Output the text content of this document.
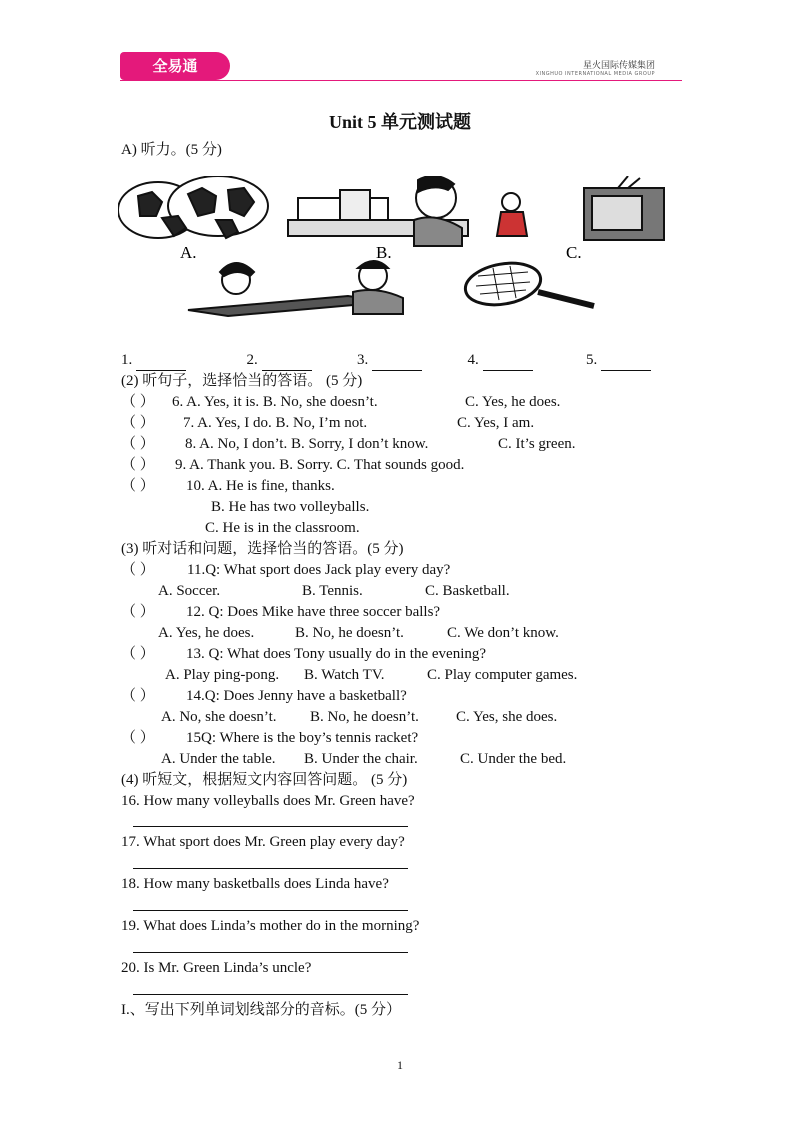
全易通	星火国际传媒集团
XINGHUO INTERNATIONAL MEDIA GROUP
Unit 5 单元测试题
A) 听力。(5 分)
A.	B.	C.
1.	2.	3.	4.	5.
(2) 听句子，选择恰当的答语。 (5 分)
（ ） 6. A. Yes, it is. B. No, she doesn’t.	C. Yes, he does.
（ ） 7. A. Yes, I do. B. No, I’m not.	C. Yes, I am.
（ ） 8. A. No, I don’t. B. Sorry, I don’t know.	C. It’s green.
（ ） 9. A. Thank you. B. Sorry. C. That sounds good.
（ ） 10. A. He is fine, thanks.
B. He has two volleyballs.
C. He is in the classroom.
(3) 听对话和问题，选择恰当的答语。(5 分)
（ ） 11.Q: What sport does Jack play every day?
A. Soccer.	B. Tennis.	C. Basketball.
（ ） 12. Q: Does Mike have three soccer balls?
A. Yes, he does.	B. No, he doesn’t.	C. We don’t know.
（ ） 13. Q: What does Tony usually do in the evening?
A. Play ping-pong. B. Watch TV.	C. Play computer games.
（ ） 14.Q: Does Jenny have a basketball?
A. No, she doesn’t. B. No, he doesn’t. C. Yes, she does.
（ ） 15Q: Where is the boy’s tennis racket?
A. Under the table. B. Under the chair.	C. Under the bed.
(4) 听短文，根据短文内容回答问题。 (5 分)
16. How many volleyballs does Mr. Green have?
17. What sport does Mr. Green play every day?
18. How many basketballs does Linda have?
19. What does Linda’s mother do in the morning?
20. Is Mr. Green Linda’s uncle?
I.、写出下列单词划线部分的音标。(5 分）
1
